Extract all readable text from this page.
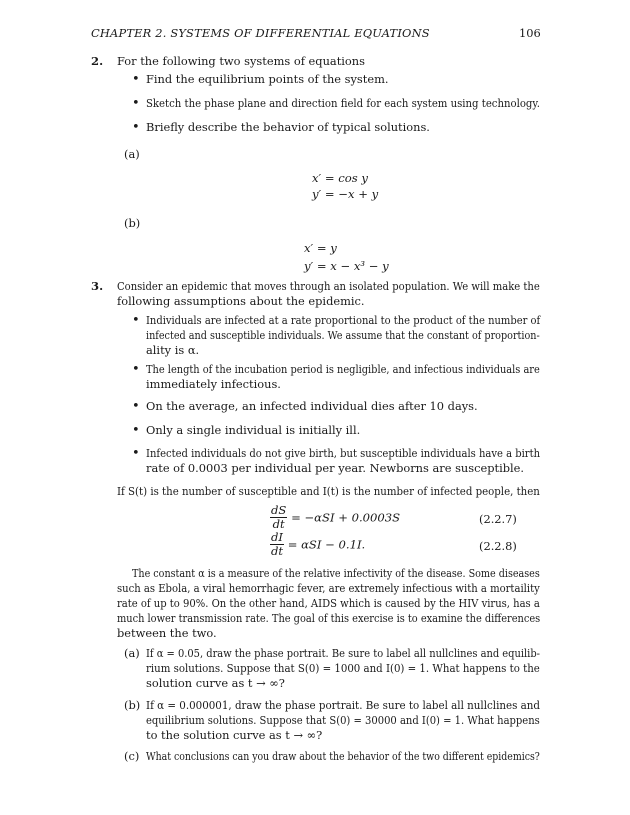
CHAPTER 2. SYSTEMS OF DIFFERENTIAL EQUATIONS	106
2. For the following two systems of equations
• Find the equilibrium points of the system.
• Sketch the phase plane and direction field for each system using technology.
• Briefly describe the behavior of typical solutions.
(a)
x′ = cos y
y′ = −x + y
(b)
x′ = y
y′ = x − x³ − y
3. Consider an epidemic that moves through an isolated population. We will make the
following assumptions about the epidemic.
• Individuals are infected at a rate proportional to the product of the number of
infected and susceptible individuals. We assume that the constant of proportion-
ality is α.
• The length of the incubation period is negligible, and infectious individuals are
immediately infectious.
• On the average, an infected individual dies after 10 days.
• Only a single individual is initially ill.
• Infected individuals do not give birth, but susceptible individuals have a birth
rate of 0.0003 per individual per year. Newborns are susceptible.
If S(t) is the number of susceptible and I(t) is the number of infected people, then
$\frac{dS}{dt} = -\alpha SI + 0.0003S$	(2.2.7)
$\frac{dI}{dt} = \alpha SI - 0.1I$.	(2.2.8)
The constant α is a measure of the relative infectivity of the disease. Some diseases
such as Ebola, a viral hemorrhagic fever, are extremely infectious with a mortaility
rate of up to 90%. On the other hand, AIDS which is caused by the HIV virus, has a
much lower transmission rate. The goal of this exercise is to examine the differences
between the two.
(a) If α = 0.05, draw the phase portrait. Be sure to label all nullclines and equilib-
rium solutions. Suppose that S(0) = 1000 and I(0) = 1. What happens to the
solution curve as t → ∞?
(b) If α = 0.000001, draw the phase portrait. Be sure to label all nullclines and
equilibrium solutions. Suppose that S(0) = 30000 and I(0) = 1. What happens
to the solution curve as t → ∞?
(c) What conclusions can you draw about the behavior of the two different epidemics?
